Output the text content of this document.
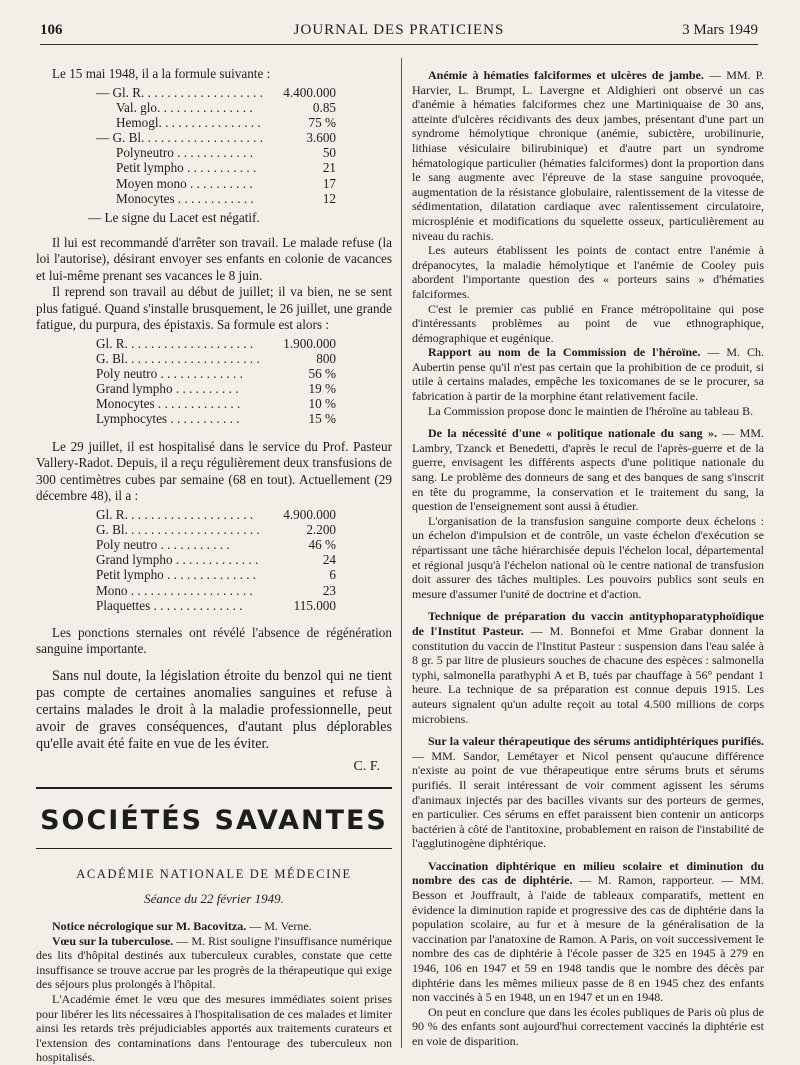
106	JOURNAL DES PRATICIENS	3 Mars 1949

Le 15 mai 1948, il a la formule suivante :

— Gl. R. . . . . . . . . . . . . . . . . . . 4.400.000
Val. glo. . . . . . . . . . . . . . .	0.85
Hemogl. . . . . . . . . . . . . . . .	75 %
— G. Bl. . . . . . . . . . . . . . . . . . .	3.600
Polyneutro . . . . . . . . . . . .	50
Petit lympho . . . . . . . . . . .	21
Moyen mono . . . . . . . . . .	17
Monocytes . . . . . . . . . . . .	12

— Le signe du Lacet est négatif.

Il lui est recommandé d'arrêter son travail. Le malade refuse (la loi l'autorise), désirant envoyer ses enfants en colonie de vacances et lui-même prenant ses vacances le 8 juin.

Il reprend son travail au début de juillet; il va bien, ne se sent plus fatigué. Quand s'installe brusquement, le 26 juillet, une grande fatigue, du purpura, des épistaxis. Sa formule est alors :

Gl. R. . . . . . . . . . . . . . . . . . . .	1.900.000
G. Bl. . . . . . . . . . . . . . . . . . . . .	800
Poly neutro . . . . . . . . . . . . .	56 %
Grand lympho . . . . . . . . . .	19 %
Monocytes . . . . . . . . . . . . .	10 %
Lymphocytes . . . . . . . . . . .	15 %

Le 29 juillet, il est hospitalisé dans le service du Prof. Pasteur Vallery-Radot. Depuis, il a reçu régulièrement deux transfusions de 300 centimètres cubes par semaine (68 en tout). Actuellement (29 décembre 48), il a :

Gl. R. . . . . . . . . . . . . . . . . . . .	4.900.000
G. Bl. . . . . . . . . . . . . . . . . . . . .	2.200
Poly neutro . . . . . . . . . . .	46 %
Grand lympho . . . . . . . . . . . . .	24
Petit lympho . . . . . . . . . . . . . .	6
Mono . . . . . . . . . . . . . . . . . . .	23
Plaquettes . . . . . . . . . . . . . .	115.000

Les ponctions sternales ont révélé l'absence de régénération sanguine importante.

Sans nul doute, la législation étroite du benzol qui ne tient pas compte de certaines anomalies sanguines et refuse à certains malades le droit à la maladie professionnelle, peut avoir de graves conséquences, d'autant plus déplorables qu'elle avait été faite en vue de les éviter.

C. F.

SOCIÉTÉS SAVANTES
ACADÉMIE NATIONALE DE MÉDECINE
Séance du 22 février 1949.

Notice nécrologique sur M. Bacovitza. — M. Verne.

Vœu sur la tuberculose. — M. Rist souligne l'insuffisance numérique des lits d'hôpital destinés aux tuberculeux curables, constate que cette insuffisance se trouve accrue par les progrès de la thérapeutique qui exige des séjours plus prolongés à l'hôpital.

L'Académie émet le vœu que des mesures immédiates soient prises pour libérer les lits nécessaires à l'hospitalisation de ces malades et limiter ainsi les retards très préjudiciables apportés aux traitements curateurs et l'extension des contaminations dans l'entourage des tuberculeux non hospitalisés.

Anémie à hématies falciformes et ulcères de jambe. — MM. P. Harvier, L. Brumpt, L. Lavergne et Aldighieri ont observé un cas d'anémie à hématies falciformes chez une Martiniquaise de 30 ans, atteinte d'ulcères récidivants des deux jambes, présentant d'une part un syndrome hémolytique chronique (anémie, subictère, urobilinurie, lithiase vésiculaire bilirubinique) et d'autre part un syndrome hématologique particulier (hématies falciformes) dont la proportion dans le sang augmente avec l'épreuve de la stase sanguine provoquée, augmentation de la résistance globulaire, ralentissement de la vitesse de sédimentation, dilatation cardiaque avec ralentissement circulatoire, microsplénie et modifications du squelette osseux, particulièrement au niveau du rachis.

Les auteurs établissent les points de contact entre l'anémie à drépanocytes, la maladie hémolytique et l'anémie de Cooley puis abordent l'importante question des « porteurs sains » d'hématies falciformes.

C'est le premier cas publié en France métropolitaine qui pose d'intéressants problèmes au point de vue ethnographique, démographique et eugénique.

Rapport au nom de la Commission de l'héroïne. — M. Ch. Aubertin pense qu'il n'est pas certain que la prohibition de ce produit, si utile à certains malades, empêche les toxicomanes de se le procurer, sa fabrication à partir de la morphine étant relativement facile.

La Commission propose donc le maintien de l'héroïne au tableau B.

De la nécessité d'une « politique nationale du sang ». — MM. Lambry, Tzanck et Benedetti, d'après le recul de l'après-guerre et de la guerre, envisagent les différents aspects d'une politique nationale du sang. Le problème des donneurs de sang et des banques de sang s'inscrit en tête du programme, la conservation et le traitement du sang, la question de l'enseignement sont aussi à étudier.

L'organisation de la transfusion sanguine comporte deux échelons : un échelon d'impulsion et de contrôle, un vaste échelon d'exécution se répartissant une tâche hiérarchisée depuis l'échelon local, départemental et régional jusqu'à l'échelon national où le centre national de transfusion doit assurer des tâches multiples. Les pouvoirs publics sont seuls en mesure d'assumer l'unité de doctrine et d'action.

Technique de préparation du vaccin antityphoparatyphoïdique de l'Institut Pasteur. — M. Bonnefoi et Mme Grabar donnent la constitution du vaccin de l'Institut Pasteur : suspension dans l'eau salée à 8 gr. 5 par litre de plusieurs souches de chacune des espèces : salmonella typhi, salmonella parathyphi A et B, tués par chauffage à 56° pendant 1 heure. La technique de sa préparation est connue depuis 1915. Les auteurs signalent qu'un adulte reçoit au total 4.500 millions de corps microbiens.

Sur la valeur thérapeutique des sérums antidiphtériques purifiés. — MM. Sandor, Lemétayer et Nicol pensent qu'aucune différence n'existe au point de vue thérapeutique entre sérums bruts et sérums purifiés. Il serait intéressant de voir comment agissent les sérums d'animaux injectés par des bacilles vivants sur des porteurs de germes, en particulier. Ces sérums en effet paraissent bien contenir un anticorps bactérien à côté de l'antitoxine, probablement en raison de l'instabilité de l'agglutinogène diphtérique.

Vaccination diphtérique en milieu scolaire et diminution du nombre des cas de diphtérie. — M. Ramon, rapporteur. — MM. Besson et Jouffrault, à l'aide de tableaux comparatifs, mettent en évidence la diminution rapide et progressive des cas de diphtérie dans la population scolaire, au fur et à mesure de la généralisation de la vaccination par l'anatoxine de Ramon. A Paris, on voit successivement le nombre des cas de diphtérie à l'école passer de 325 en 1945 à 279 en 1946, 106 en 1947 et 59 en 1948 tandis que le nombre des décès par diphtérie dans les mêmes milieux passe de 8 en 1945 chez des enfants non vaccinés à 5 en 1948, un en 1947 et un en 1948.

On peut en conclure que dans les écoles publiques de Paris où plus de 90 % des enfants sont aujourd'hui correctement vaccinés la diphtérie est en voie de disparition.
